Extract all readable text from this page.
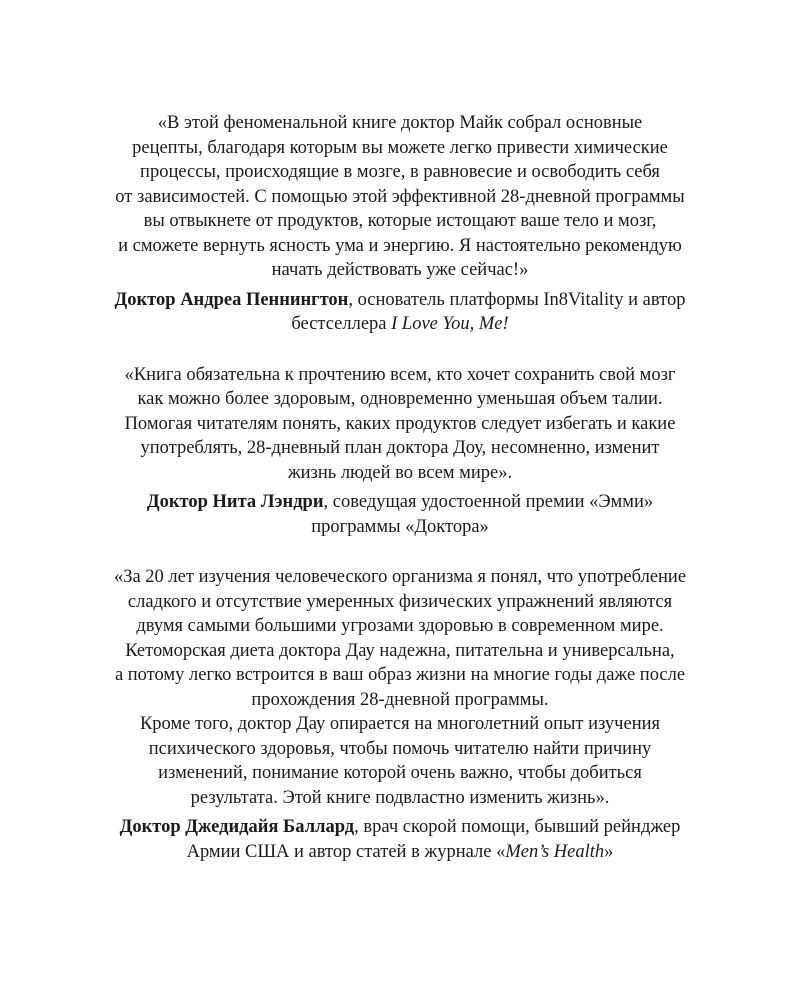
«В этой феноменальной книге доктор Майк собрал основные
рецепты, благодаря которым вы можете легко привести химические
процессы, происходящие в мозге, в равновесие и освободить себя
от зависимостей. С помощью этой эффективной 28-дневной программы
вы отвыкнете от продуктов, которые истощают ваше тело и мозг,
и сможете вернуть ясность ума и энергию. Я настоятельно рекомендую
начать действовать уже сейчас!»
Доктор Андреа Пеннингтон, основатель платформы In8Vitality и автор
бестселлера I Love You, Me!
«Книга обязательна к прочтению всем, кто хочет сохранить свой мозг
как можно более здоровым, одновременно уменьшая объем талии.
Помогая читателям понять, каких продуктов следует избегать и какие
употреблять, 28-дневный план доктора Доу, несомненно, изменит
жизнь людей во всем мире».
Доктор Нита Лэндри, соведущая удостоенной премии «Эмми»
программы «Доктора»
«За 20 лет изучения человеческого организма я понял, что употребление
сладкого и отсутствие умеренных физических упражнений являются
двумя самыми большими угрозами здоровью в современном мире.
Кетоморская диета доктора Дау надежна, питательна и универсальна,
а потому легко встроится в ваш образ жизни на многие годы даже после
прохождения 28-дневной программы.
Кроме того, доктор Дау опирается на многолетний опыт изучения
психического здоровья, чтобы помочь читателю найти причину
изменений, понимание которой очень важно, чтобы добиться
результата. Этой книге подвластно изменить жизнь».
Доктор Джедидайя Баллард, врач скорой помощи, бывший рейнджер
Армии США и автор статей в журнале «Men’s Health»
